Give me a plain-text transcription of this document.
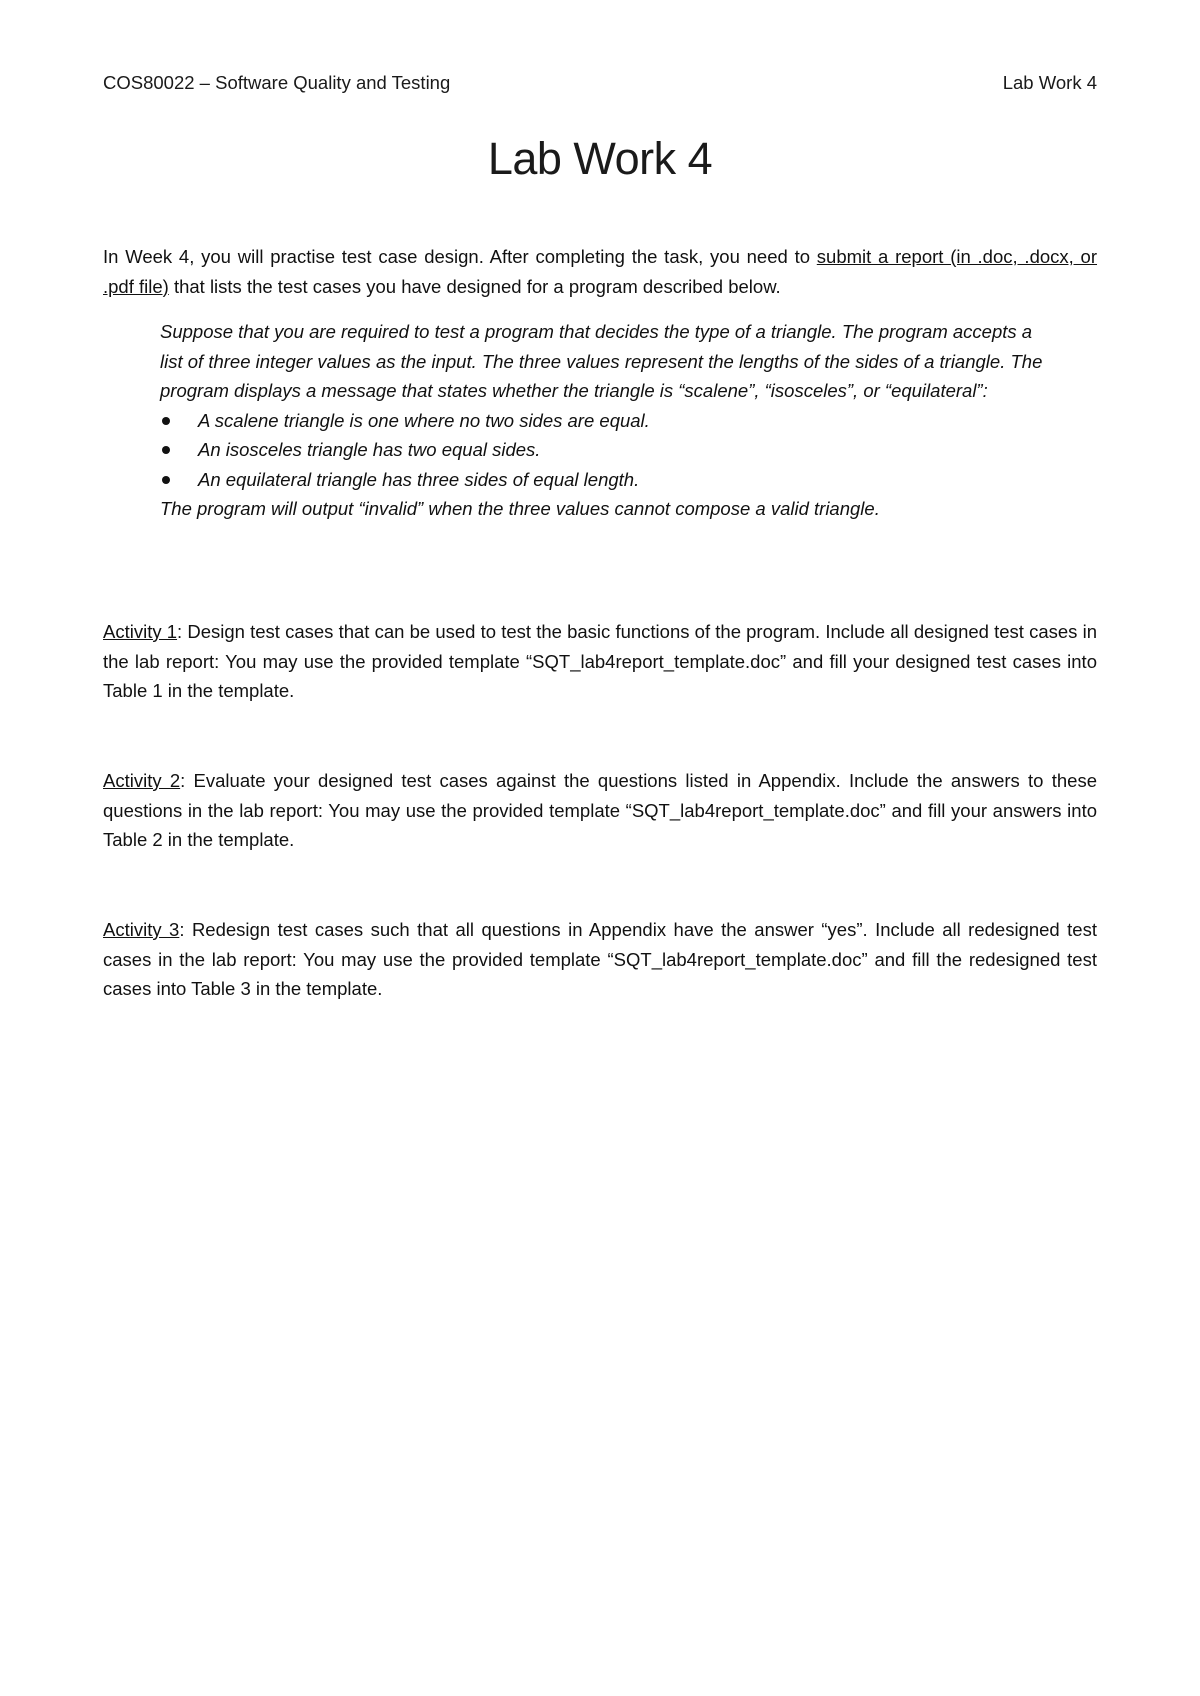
COS80022 – Software Quality and Testing	Lab Work 4
Lab Work 4

In Week 4, you will practise test case design. After completing the task, you need to submit a report (in .doc, .docx, or .pdf file) that lists the test cases you have designed for a program described below.

Suppose that you are required to test a program that decides the type of a triangle. The program accepts a list of three integer values as the input. The three values represent the lengths of the sides of a triangle. The program displays a message that states whether the triangle is “scalene”, “isosceles”, or “equilateral”:

A scalene triangle is one where no two sides are equal.
An isosceles triangle has two equal sides.
An equilateral triangle has three sides of equal length.

The program will output “invalid” when the three values cannot compose a valid triangle.

Activity 1: Design test cases that can be used to test the basic functions of the program. Include all designed test cases in the lab report: You may use the provided template “SQT_lab4report_template.doc” and fill your designed test cases into Table 1 in the template.

Activity 2: Evaluate your designed test cases against the questions listed in Appendix. Include the answers to these questions in the lab report: You may use the provided template “SQT_lab4report_template.doc” and fill your answers into Table 2 in the template.

Activity 3: Redesign test cases such that all questions in Appendix have the answer “yes”. Include all redesigned test cases in the lab report: You may use the provided template “SQT_lab4report_template.doc” and fill the redesigned test cases into Table 3 in the template.
